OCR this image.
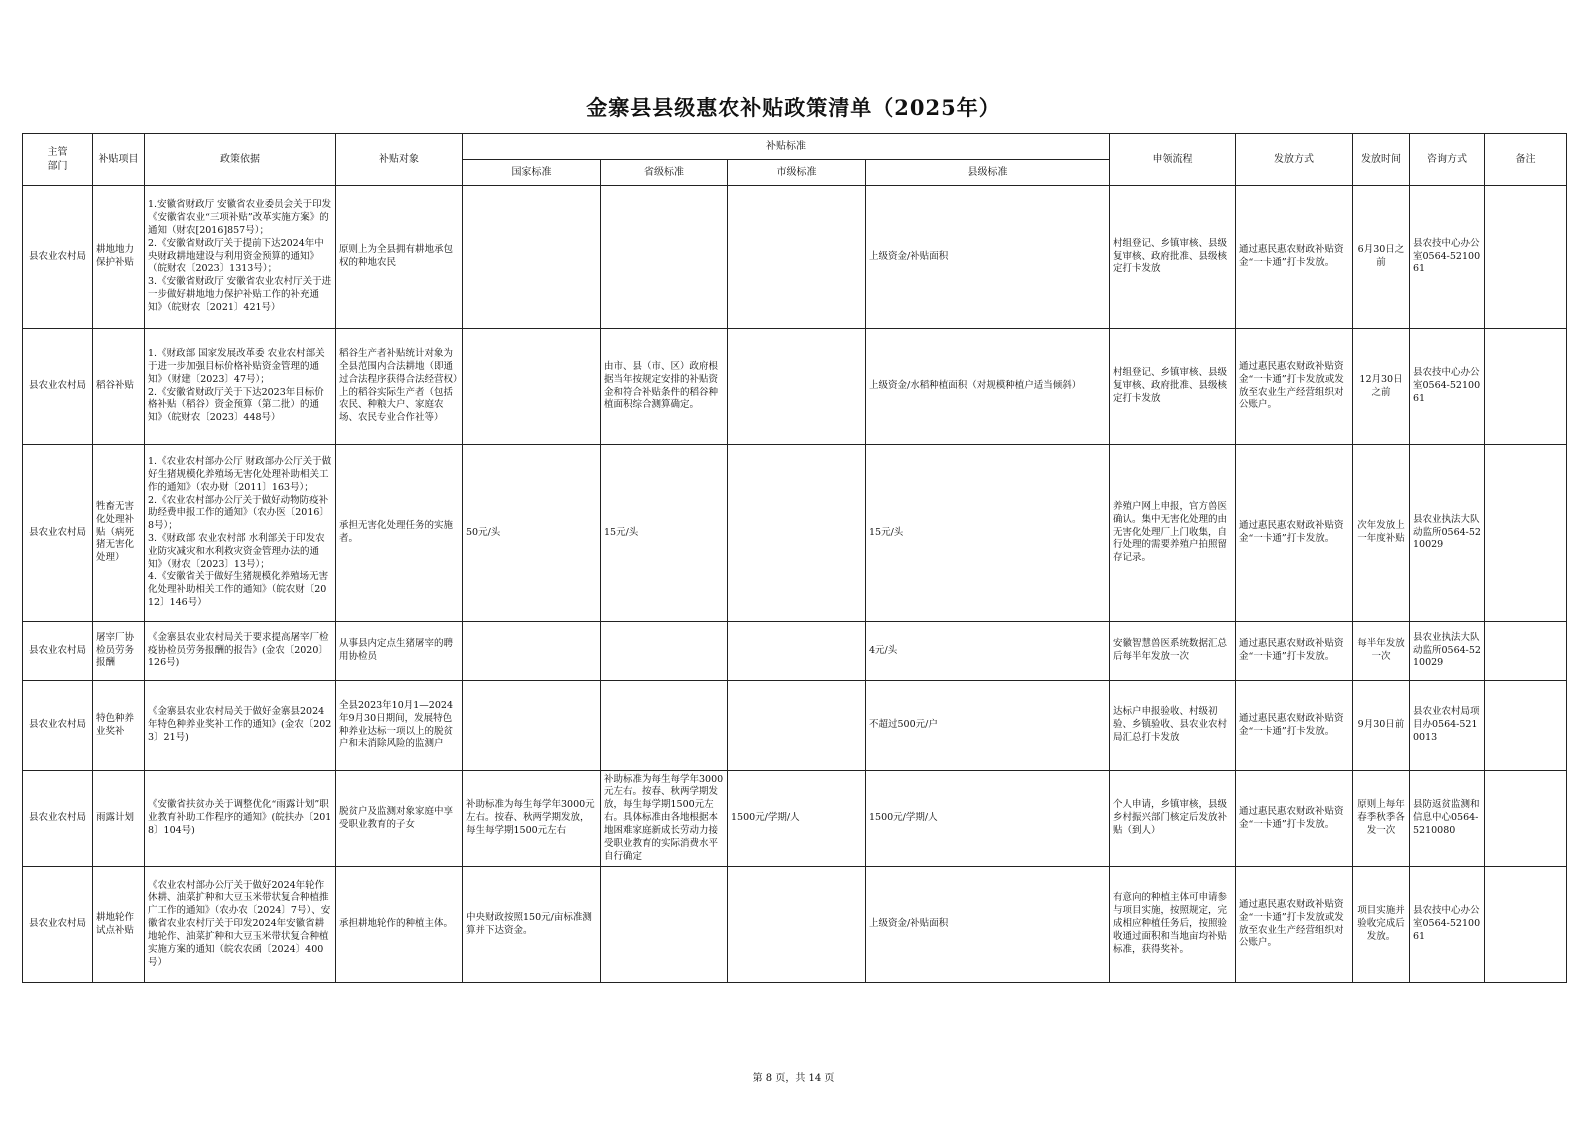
金寨县县级惠农补贴政策清单（2025年）
主管
部门	补贴项目	政策依据	补贴对象	补贴标准				申领流程	发放方式	发放时间	咨询方式	备注
				国家标准	省级标准	市级标准	县级标准					
县农业农村局	耕地地力保护补贴	1.安徽省财政厅 安徽省农业委员会关于印发《安徽省农业“三项补贴”改革实施方案》的通知（财农[2016]857号）；
2.《安徽省财政厅关于提前下达2024年中央财政耕地建设与利用资金预算的通知》（皖财农〔2023〕1313号）；
3.《安徽省财政厅 安徽省农业农村厅关于进一步做好耕地地力保护补贴工作的补充通知》（皖财农〔2021〕421号）	原则上为全县拥有耕地承包权的种地农民				上级资金/补贴面积	村组登记、乡镇审核、县级复审核、政府批准、县级核定打卡发放	通过惠民惠农财政补贴资金“一卡通”打卡发放。	6月30日之前	县农技中心办公室0564-5210061	
县农业农村局	稻谷补贴	1.《财政部 国家发展改革委 农业农村部关于进一步加强目标价格补贴资金管理的通知》（财建〔2023〕47号）；
2.《安徽省财政厅关于下达2023年目标价格补贴（稻谷）资金预算（第二批）的通知》（皖财农〔2023〕448号）	稻谷生产者补贴统计对象为全县范围内合法耕地（即通过合法程序获得合法经营权）上的稻谷实际生产者（包括农民、种粮大户、家庭农场、农民专业合作社等）		由市、县（市、区）政府根据当年按规定安排的补贴资金和符合补贴条件的稻谷种植面积综合测算确定。		上级资金/水稻种植面积（对规模种植户适当倾斜）	村组登记、乡镇审核、县级复审核、政府批准、县级核定打卡发放	通过惠民惠农财政补贴资金“一卡通”打卡发放或发放至农业生产经营组织对公账户。	12月30日之前	县农技中心办公室0564-5210061	
县农业农村局	牲畜无害化处理补贴（病死猪无害化处理）	1.《农业农村部办公厅 财政部办公厅关于做好生猪规模化养殖场无害化处理补助相关工作的通知》（农办财〔2011〕163号）；
2.《农业农村部办公厅关于做好动物防疫补助经费申报工作的通知》（农办医〔2016〕8号）；
3.《财政部 农业农村部 水利部关于印发农业防灾减灾和水利救灾资金管理办法的通知》（财农〔2023〕13号）；
4.《安徽省关于做好生猪规模化养殖场无害化处理补助相关工作的通知》（皖农财〔2012〕146号）	承担无害化处理任务的实施者。	50元/头	15元/头		15元/头	养殖户网上申报，官方兽医确认。集中无害化处理的由无害化处理厂上门收集，自行处理的需要养殖户拍照留存记录。	通过惠民惠农财政补贴资金“一卡通”打卡发放。	次年发放上一年度补贴	县农业执法大队动监所0564-5210029	
县农业农村局	屠宰厂协检员劳务报酬	《金寨县农业农村局关于要求提高屠宰厂检疫协检员劳务报酬的报告》(金农〔2020〕126号)	从事县内定点生猪屠宰的聘用协检员				4元/头	安徽智慧兽医系统数据汇总后每半年发放一次	通过惠民惠农财政补贴资金“一卡通”打卡发放。	每半年发放一次	县农业执法大队动监所0564-5210029	
县农业农村局	特色种养业奖补	《金寨县农业农村局关于做好金寨县2024年特色种养业奖补工作的通知》(金农〔2023〕21号)	全县2023年10月1—2024年9月30日期间，发展特色种养业达标一项以上的脱贫户和未消除风险的监测户				不超过500元/户	达标户申报验收、村级初验、乡镇验收、县农业农村局汇总打卡发放	通过惠民惠农财政补贴资金“一卡通”打卡发放。	9月30日前	县农业农村局项目办0564-5210013	
县农业农村局	雨露计划	《安徽省扶贫办关于调整优化“雨露计划”职业教育补助工作程序的通知》(皖扶办〔2018〕104号)	脱贫户及监测对象家庭中享受职业教育的子女	补助标准为每生每学年3000元左右。按春、秋两学期发放，每生每学期1500元左右	补助标准为每生每学年3000元左右。按春、秋两学期发放，每生每学期1500元左右。具体标准由各地根据本地困难家庭新成长劳动力接受职业教育的实际消费水平自行确定	1500元/学期/人	1500元/学期/人	个人申请，乡镇审核，县级乡村振兴部门核定后发放补贴（到人）	通过惠民惠农财政补贴资金“一卡通”打卡发放。	原则上每年春季秋季各发一次	县防返贫监测和信息中心0564-5210080	
县农业农村局	耕地轮作试点补贴	《农业农村部办公厅关于做好2024年轮作休耕、油菜扩种和大豆玉米带状复合种植推广工作的通知》（农办农〔2024〕7号）、安徽省农业农村厅关于印发2024年安徽省耕地轮作、油菜扩种和大豆玉米带状复合种植实施方案的通知（皖农农函〔2024〕400号）	承担耕地轮作的种植主体。	中央财政按照150元/亩标准测算并下达资金。			上级资金/补贴面积	有意向的种植主体可申请参与项目实施，按照规定，完成相应种植任务后，按照验收通过面积和当地亩均补贴标准，获得奖补。	通过惠民惠农财政补贴资金“一卡通”打卡发放或发放至农业生产经营组织对公账户。	项目实施并验收完成后发放。	县农技中心办公室0564-5210061	
第 8 页，共 14 页
